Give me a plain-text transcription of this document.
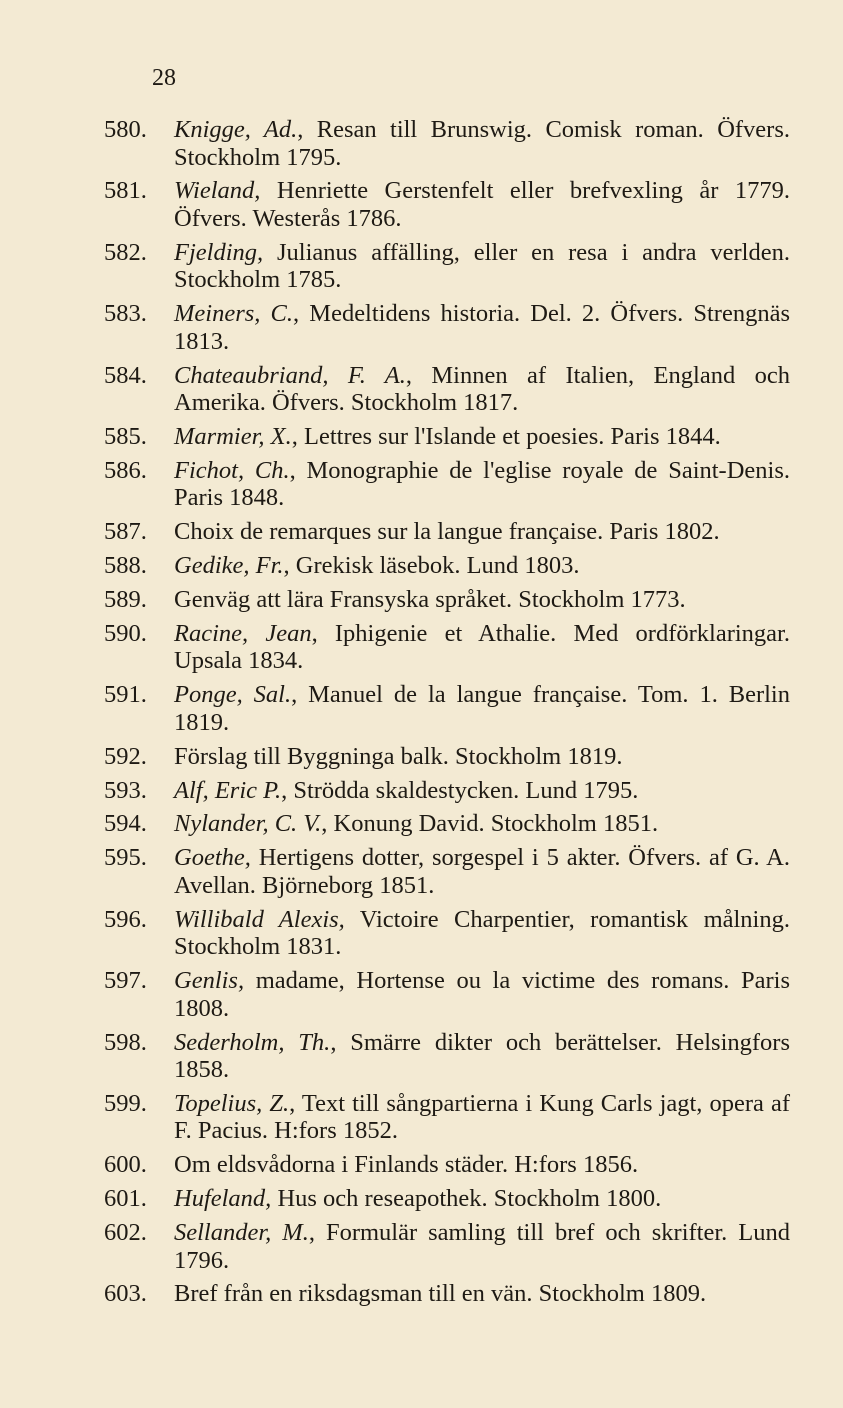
28
580.	Knigge, Ad., Resan till Brunswig. Comisk roman. Öfvers. Stockholm 1795.
581.	Wieland, Henriette Gerstenfelt eller brefvexling år 1779. Öfvers. Westerås 1786.
582.	Fjelding, Julianus affälling, eller en resa i andra verlden. Stockholm 1785.
583.	Meiners, C., Medeltidens historia. Del. 2. Öfvers. Strengnäs 1813.
584.	Chateaubriand, F. A., Minnen af Italien, England och Amerika. Öfvers. Stockholm 1817.
585.	Marmier, X., Lettres sur l'Islande et poesies. Paris 1844.
586.	Fichot, Ch., Monographie de l'eglise royale de Saint-Denis. Paris 1848.
587.	Choix de remarques sur la langue française. Paris 1802.
588.	Gedike, Fr., Grekisk läsebok. Lund 1803.
589.	Genväg att lära Fransyska språket. Stockholm 1773.
590.	Racine, Jean, Iphigenie et Athalie. Med ordförklaringar. Upsala 1834.
591.	Ponge, Sal., Manuel de la langue française. Tom. 1. Berlin 1819.
592.	Förslag till Byggninga balk. Stockholm 1819.
593.	Alf, Eric P., Strödda skaldestycken. Lund 1795.
594.	Nylander, C. V., Konung David. Stockholm 1851.
595.	Goethe, Hertigens dotter, sorgespel i 5 akter. Öfvers. af G. A. Avellan. Björneborg 1851.
596.	Willibald Alexis, Victoire Charpentier, romantisk målning. Stockholm 1831.
597.	Genlis, madame, Hortense ou la victime des romans. Paris 1808.
598.	Sederholm, Th., Smärre dikter och berättelser. Helsingfors 1858.
599.	Topelius, Z., Text till sångpartierna i Kung Carls jagt, opera af F. Pacius. H:fors 1852.
600.	Om eldsvådorna i Finlands städer. H:fors 1856.
601.	Hufeland, Hus och reseapothek. Stockholm 1800.
602.	Sellander, M., Formulär samling till bref och skrifter. Lund 1796.
603.	Bref från en riksdagsman till en vän. Stockholm 1809.
